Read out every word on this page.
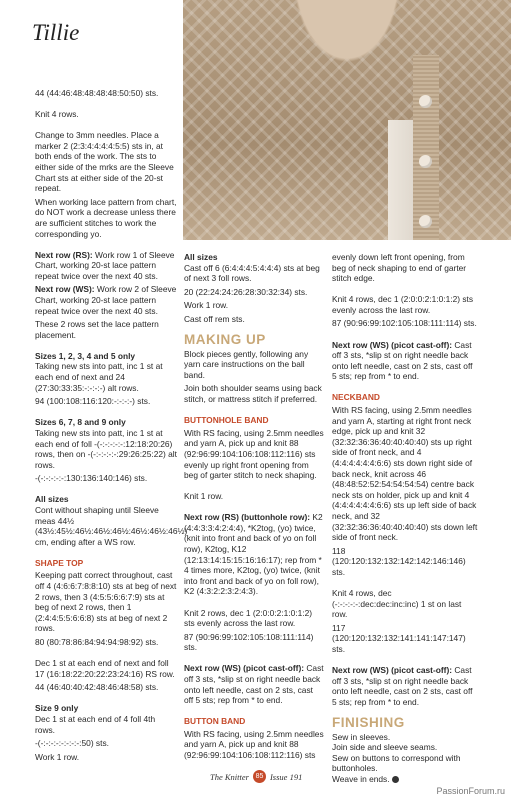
Tillie

44 (44:46:48:48:48:48:50:50) sts.

Knit 4 rows.

Change to 3mm needles. Place a marker 2 (2:3:4:4:4:4:5:5) sts in, at both ends of the work. The sts to either side of the mrks are the Sleeve Chart sts at either side of the 20-st repeat.

When working lace pattern from chart, do NOT work a decrease unless there are sufficient stitches to work the corresponding yo.

Next row (RS): Work row 1 of Sleeve Chart, working 20-st lace pattern repeat twice over the next 40 sts.

Next row (WS): Work row 2 of Sleeve Chart, working 20-st lace pattern repeat twice over the next 40 sts.

These 2 rows set the lace pattern placement.

Sizes 1, 2, 3, 4 and 5 only

Taking new sts into patt, inc 1 st at each end of next and 24 (27:30:33:35:-:-:-:-) alt rows.

94 (100:108:116:120:-:-:-:-) sts.

Sizes 6, 7, 8 and 9 only

Taking new sts into patt, inc 1 st at each end of foll -(-:-:-:-:-:12:18:20:26) rows, then on -(-:-:-:-:-:29:26:25:22) alt rows.

-(-:-:-:-:-:130:136:140:146) sts.

All sizes

Cont without shaping until Sleeve meas 44½ (43½:45½:46½:46½:46½:46½:46½:46½) cm, ending after a WS row.

SHAPE TOP

Keeping patt correct throughout, cast off 4 (4:6:6:7:8:8:10) sts at beg of next 2 rows, then 3 (4:5:5:6:6:7:9) sts at beg of next 2 rows, then 1 (2:4:4:5:5:6:6:8) sts at beg of next 2 rows.

80 (80:78:86:84:94:94:98:92) sts.

Dec 1 st at each end of next and foll 17 (16:18:22:20:22:23:24:16) RS row.

44 (46:40:40:42:48:46:48:58) sts.

Size 9 only

Dec 1 st at each end of 4 foll 4th rows.

-(-:-:-:-:-:-:-:-:50) sts.

Work 1 row.

All sizes

Cast off 6 (6:4:4:4:5:4:4:4) sts at beg of next 3 foll rows.

20 (22:24:24:26:28:30:32:34) sts.

Work 1 row.

Cast off rem sts.

MAKING UP

Block pieces gently, following any yarn care instructions on the ball band.

Join both shoulder seams using back stitch, or mattress stitch if preferred.

BUTTONHOLE BAND

With RS facing, using 2.5mm needles and yarn A, pick up and knit 88 (92:96:99:104:106:108:112:116) sts evenly up right front opening from beg of garter stitch to neck shaping.

Knit 1 row.

Next row (RS) (buttonhole row): K2 (4:4:3:3:4:2:4:4), *K2tog, (yo) twice, (knit into front and back of yo on foll row), K2tog, K12 (12:13:14:15:15:16:16:17); rep from * 4 times more, K2tog, (yo) twice, (knit into front and back of yo on foll row), K2 (4:3:2:2:3:2:4:3).

Knit 2 rows, dec 1 (2:0:0:2:1:0:1:2) sts evenly across the last row.

87 (90:96:99:102:105:108:111:114) sts.

Next row (WS) (picot cast-off): Cast off 3 sts, *slip st on right needle back onto left needle, cast on 2 sts, cast off 5 sts; rep from * to end.

BUTTON BAND

With RS facing, using 2.5mm needles and yarn A, pick up and knit 88 (92:96:99:104:106:108:112:116) sts

evenly down left front opening, from beg of neck shaping to end of garter stitch edge.

Knit 4 rows, dec 1 (2:0:0:2:1:0:1:2) sts evenly across the last row.

87 (90:96:99:102:105:108:111:114) sts.

Next row (WS) (picot cast-off): Cast off 3 sts, *slip st on right needle back onto left needle, cast on 2 sts, cast off 5 sts; rep from * to end.

NECKBAND

With RS facing, using 2.5mm needles and yarn A, starting at right front neck edge, pick up and knit 32 (32:32:36:36:40:40:40:40) sts up right side of front neck, and 4 (4:4:4:4:4:4:6:6) sts down right side of back neck, knit across 46 (48:48:52:52:54:54:54:54) centre back neck sts on holder, pick up and knit 4 (4:4:4:4:4:4:6:6) sts up left side of back neck, and 32 (32:32:36:36:40:40:40:40) sts down left side of front neck.

118 (120:120:132:132:142:142:146:146) sts.

Knit 4 rows, dec (-:-:-:-:-:dec:dec:inc:inc) 1 st on last row.

117 (120:120:132:132:141:141:147:147) sts.

Next row (WS) (picot cast-off): Cast off 3 sts, *slip st on right needle back onto left needle, cast on 2 sts, cast off 5 sts; rep from * to end.

FINISHING
Sew in sleeves.
Join side and sleeve seams.
Sew on buttons to correspond with buttonholes.
Weave in ends.
The Knitter 85 Issue 191
PassionForum.ru
